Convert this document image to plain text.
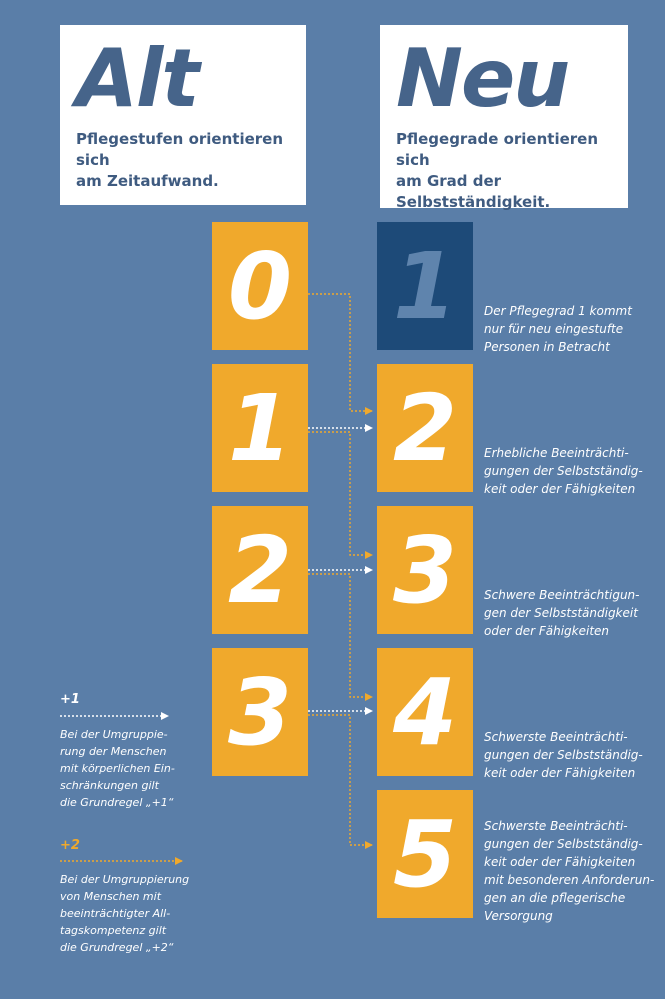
Alt
Pflegestufen orientieren sich
am Zeitaufwand.
Neu
Pflegegrade orientieren sich
am Grad der Selbstständigkeit.
0
1
2
3
1
2
3
4
5
Der Pflegegrad 1 kommt
nur für neu eingestufte
Personen in Betracht
Erhebliche Beeinträchti-
gungen der Selbstständig-
keit oder der Fähigkeiten
Schwere Beeinträchtigun-
gen der Selbstständigkeit
oder der Fähigkeiten
Schwerste Beeinträchti-
gungen der Selbstständig-
keit oder der Fähigkeiten
Schwerste Beeinträchti-
gungen der Selbstständig-
keit oder der Fähigkeiten
mit besonderen Anforderun-
gen an die pflegerische
Versorgung
+1
Bei der Umgruppie-
rung der Menschen
mit körperlichen Ein-
schränkungen gilt
die Grundregel „+1“
+2
Bei der Umgruppierung
von Menschen mit
beeinträchtigter All-
tagskompetenz gilt
die Grundregel „+2“
